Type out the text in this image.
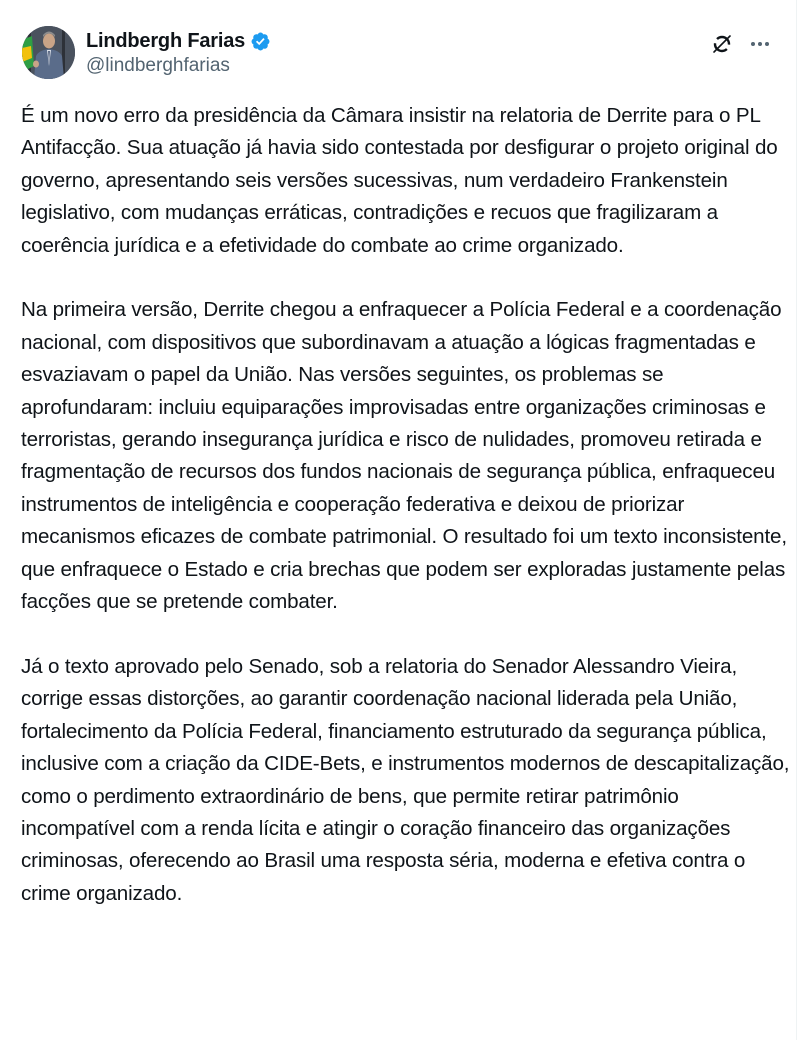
Lindbergh Farias
@lindberghfarias

É um novo erro da presidência da Câmara insistir na relatoria de Derrite para o PL Antifacção. Sua atuação já havia sido contestada por desfigurar o projeto original do governo, apresentando seis versões sucessivas, num verdadeiro Frankenstein legislativo, com mudanças erráticas, contradições e recuos que fragilizaram a coerência jurídica e a efetividade do combate ao crime organizado.

Na primeira versão, Derrite chegou a enfraquecer a Polícia Federal e a coordenação nacional, com dispositivos que subordinavam a atuação a lógicas fragmentadas e esvaziavam o papel da União. Nas versões seguintes, os problemas se aprofundaram: incluiu equiparações improvisadas entre organizações criminosas e terroristas, gerando insegurança jurídica e risco de nulidades, promoveu retirada e fragmentação de recursos dos fundos nacionais de segurança pública, enfraqueceu instrumentos de inteligência e cooperação federativa e deixou de priorizar mecanismos eficazes de combate patrimonial. O resultado foi um texto inconsistente, que enfraquece o Estado e cria brechas que podem ser exploradas justamente pelas facções que se pretende combater.

Já o texto aprovado pelo Senado, sob a relatoria do Senador Alessandro Vieira, corrige essas distorções, ao garantir coordenação nacional liderada pela União, fortalecimento da Polícia Federal, financiamento estruturado da segurança pública, inclusive com a criação da CIDE-Bets, e instrumentos modernos de descapitalização, como o perdimento extraordinário de bens, que permite retirar patrimônio incompatível com a renda lícita e atingir o coração financeiro das organizações criminosas, oferecendo ao Brasil uma resposta séria, moderna e efetiva contra o crime organizado.
